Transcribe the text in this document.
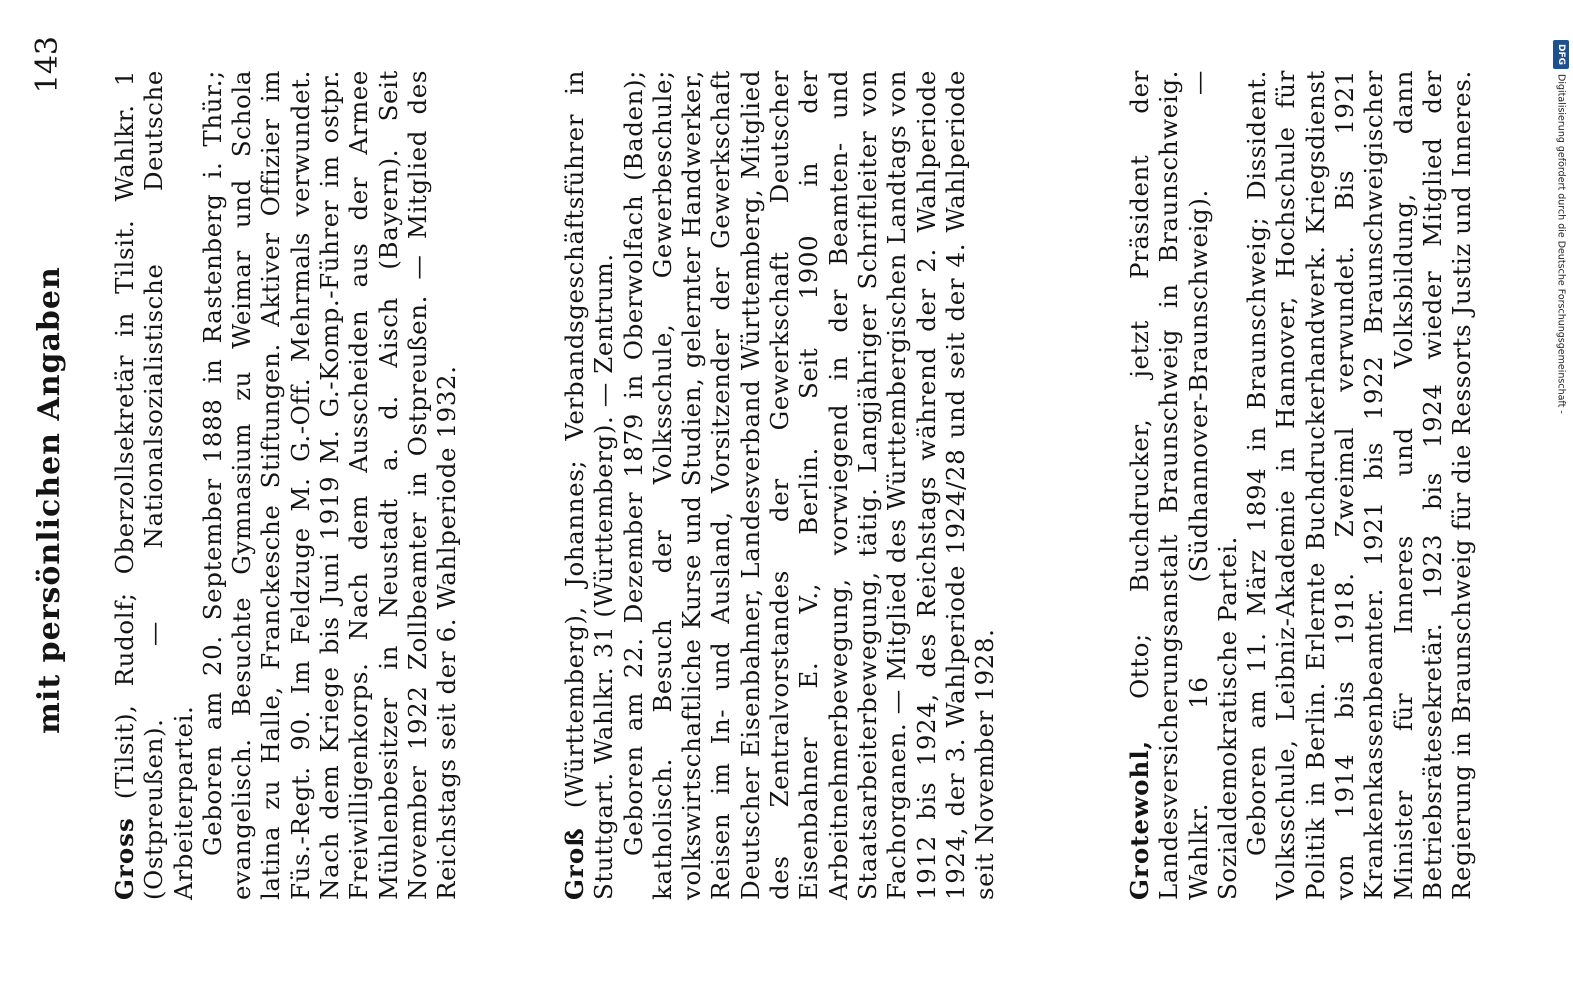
mit persönlichen Angaben
143

Gross (Tilsit), Rudolf; Oberzollsekretär in Tilsit. Wahlkr. 1 (Ostpreußen). — Nationalsozialistische Deutsche Arbeiterpartei. Geboren am 20. September 1888 in Rastenberg i. Thür.; evangelisch. Besuchte Gymnasium zu Weimar und Schola latina zu Halle, Franckesche Stiftungen. Aktiver Offizier im Füs.-Regt. 90. Im Feldzuge M. G.-Off. Mehrmals verwundet. Nach dem Kriege bis Juni 1919 M. G.-Komp.-Führer im ostpr. Freiwilligenkorps. Nach dem Ausscheiden aus der Armee Mühlenbesitzer in Neustadt a. d. Aisch (Bayern). Seit November 1922 Zollbeamter in Ostpreußen. — Mitglied des Reichstags seit der 6. Wahlperiode 1932.	Groß (Württemberg), Johannes; Verbandsgeschäftsführer in Stuttgart. Wahlkr. 31 (Württemberg). — Zentrum. Geboren am 22. Dezember 1879 in Oberwolfach (Baden); katholisch. Besuch der Volksschule, Gewerbeschule; volkswirtschaftliche Kurse und Studien, gelernter Handwerker, Reisen im In- und Ausland, Vorsitzender der Gewerkschaft Deutscher Eisenbahner, Landesverband Württemberg, Mitglied des Zentralvorstandes der Gewerkschaft Deutscher Eisenbahner E. V., Berlin. Seit 1900 in der Arbeitnehmerbewegung, vorwiegend in der Beamten- und Staatsarbeiterbewegung, tätig. Langjähriger Schriftleiter von Fachorganen. — Mitglied des Württembergischen Landtags von 1912 bis 1924, des Reichstags während der 2. Wahlperiode 1924, der 3. Wahlperiode 1924/28 und seit der 4. Wahlperiode seit November 1928.	Grotewohl, Otto; Buchdrucker, jetzt Präsident der Landesversicherungsanstalt Braunschweig in Braunschweig. Wahlkr. 16 (Südhannover-Braunschweig). — Sozialdemokratische Partei. Geboren am 11. März 1894 in Braunschweig; Dissident. Volksschule, Leibniz-Akademie in Hannover, Hochschule für Politik in Berlin. Erlernte Buchdruckerhandwerk. Kriegsdienst von 1914 bis 1918. Zweimal verwundet. Bis 1921 Krankenkassenbeamter. 1921 bis 1922 Braunschweigischer Minister für Inneres und Volksbildung, dann Betriebsrätesekretär. 1923 bis 1924 wieder Mitglied der Regierung in Braunschweig für die Ressorts Justiz und Inneres.

DFGDigitalisierung gefördert durch die Deutsche Forschungsgemeinschaft -
